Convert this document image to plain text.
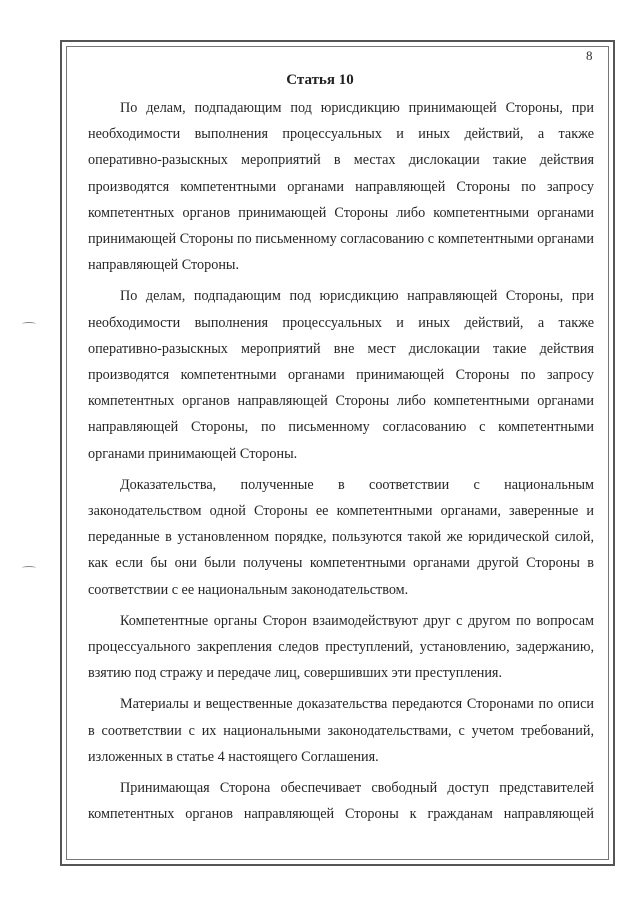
8
Статья 10

По делам, подпадающим под юрисдикцию принимающей Стороны, при необходимости выполнения процессуальных и иных действий, а также оперативно-разыскных мероприятий в местах дислокации такие действия производятся компетентными органами направляющей Стороны по запросу компетентных органов принимающей Стороны либо компетентными органами принимающей Стороны по письменному согласованию с компетентными органами направляющей Стороны.

По делам, подпадающим под юрисдикцию направляющей Стороны, при необходимости выполнения процессуальных и иных действий, а также оперативно-разыскных мероприятий вне мест дислокации такие действия производятся компетентными органами принимающей Стороны по запросу компетентных органов направляющей Стороны либо компетентными органами направляющей Стороны, по письменному согласованию с компетентными органами принимающей Стороны.

Доказательства, полученные в соответствии с национальным законодательством одной Стороны ее компетентными органами, заверенные и переданные в установленном порядке, пользуются такой же юридической силой, как если бы они были получены компетентными органами другой Стороны в соответствии с ее национальным законодательством.

Компетентные органы Сторон взаимодействуют друг с другом по вопросам процессуального закрепления следов преступлений, установлению, задержанию, взятию под стражу и передаче лиц, совершивших эти преступления.

Материалы и вещественные доказательства передаются Сторонами по описи в соответствии с их национальными законодательствами, с учетом требований, изложенных в статье 4 настоящего Соглашения.

Принимающая Сторона обеспечивает свободный доступ представителей компетентных органов направляющей Стороны к гражданам направляющей
